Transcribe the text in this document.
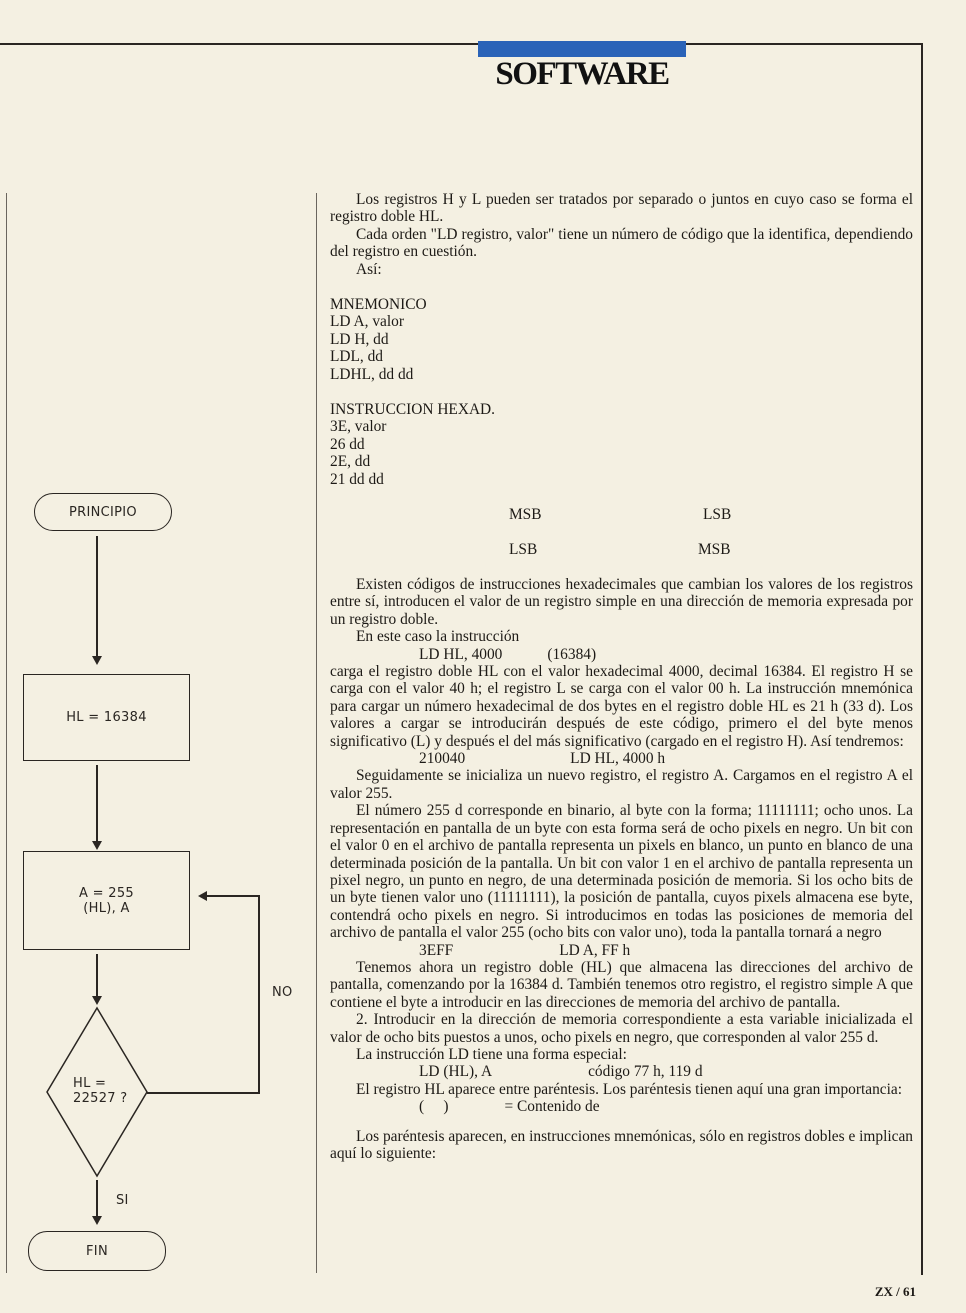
SOFTWARE
PRINCIPIO
HL = 16384
A = 255
(HL), A
HL =
22527 ?
NO
SI
FIN

Los registros H y L pueden ser tratados por separado o juntos en cuyo caso se forma el registro doble HL.

Cada orden "LD registro, valor" tiene un número de código que la identifica, dependiendo del registro en cuestión.

Así:

MNEMONICO
LD A, valor
LD H, dd
LDL, dd
LDHL, dd dd
INSTRUCCION HEXAD.
3E, valor
26 dd
2E, dd
21 dd dd
MSB	LSB
LSB	MSB

Existen códigos de instrucciones hexadecimales que cambian los valores de los registros entre sí, introducen el valor de un registro simple en una dirección de memoria expresada por un registro doble.

En este caso la instrucción

LD HL, 4000	(16384)

carga el registro doble HL con el valor hexadecimal 4000, decimal 16384. El registro H se carga con el valor 40 h; el registro L se carga con el valor 00 h. La instrucción mnemónica para cargar un número hexadecimal de dos bytes en el registro doble HL es 21 h (33 d). Los valores a cargar se introducirán después de este código, primero el del byte menos significativo (L) y después el del más significativo (cargado en el registro H). Así tendremos:

210040	LD HL, 4000 h

Seguidamente se inicializa un nuevo registro, el registro A. Cargamos en el registro A el valor 255.

El número 255 d corresponde en binario, al byte con la forma; 11111111; ocho unos. La representación en pantalla de un byte con esta forma será de ocho pixels en negro. Un bit con el valor 0 en el archivo de pantalla representa un pixels en blanco, un punto en blanco de una determinada posición de la pantalla. Un bit con valor 1 en el archivo de pantalla representa un pixel negro, un punto en negro, de una determinada posición de memoria. Si los ocho bits de un byte tienen valor uno (11111111), la posición de pantalla, cuyos pixels almacena ese byte, contendrá ocho pixels en negro. Si introducimos en todas las posiciones de memoria del archivo de pantalla el valor 255 (ocho bits con valor uno), toda la pantalla tornará a negro

3EFF	LD A, FF h

Tenemos ahora un registro doble (HL) que almacena las direcciones del archivo de pantalla, comenzando por la 16384 d. También tenemos otro registro, el registro simple A que contiene el byte a introducir en las direcciones de memoria del archivo de pantalla.

2. Introducir en la dirección de memoria correspondiente a esta variable inicializada el valor de ocho bits puestos a unos, ocho pixels en negro, que corresponden al valor 255 d.

La instrucción LD tiene una forma especial:

LD (HL), A	código 77 h, 119 d

El registro HL aparece entre paréntesis. Los paréntesis tienen aquí una gran importancia:

(     )	= Contenido de

Los paréntesis aparecen, en instrucciones mnemónicas, sólo en registros dobles e implican aquí lo siguiente:

ZX / 61
